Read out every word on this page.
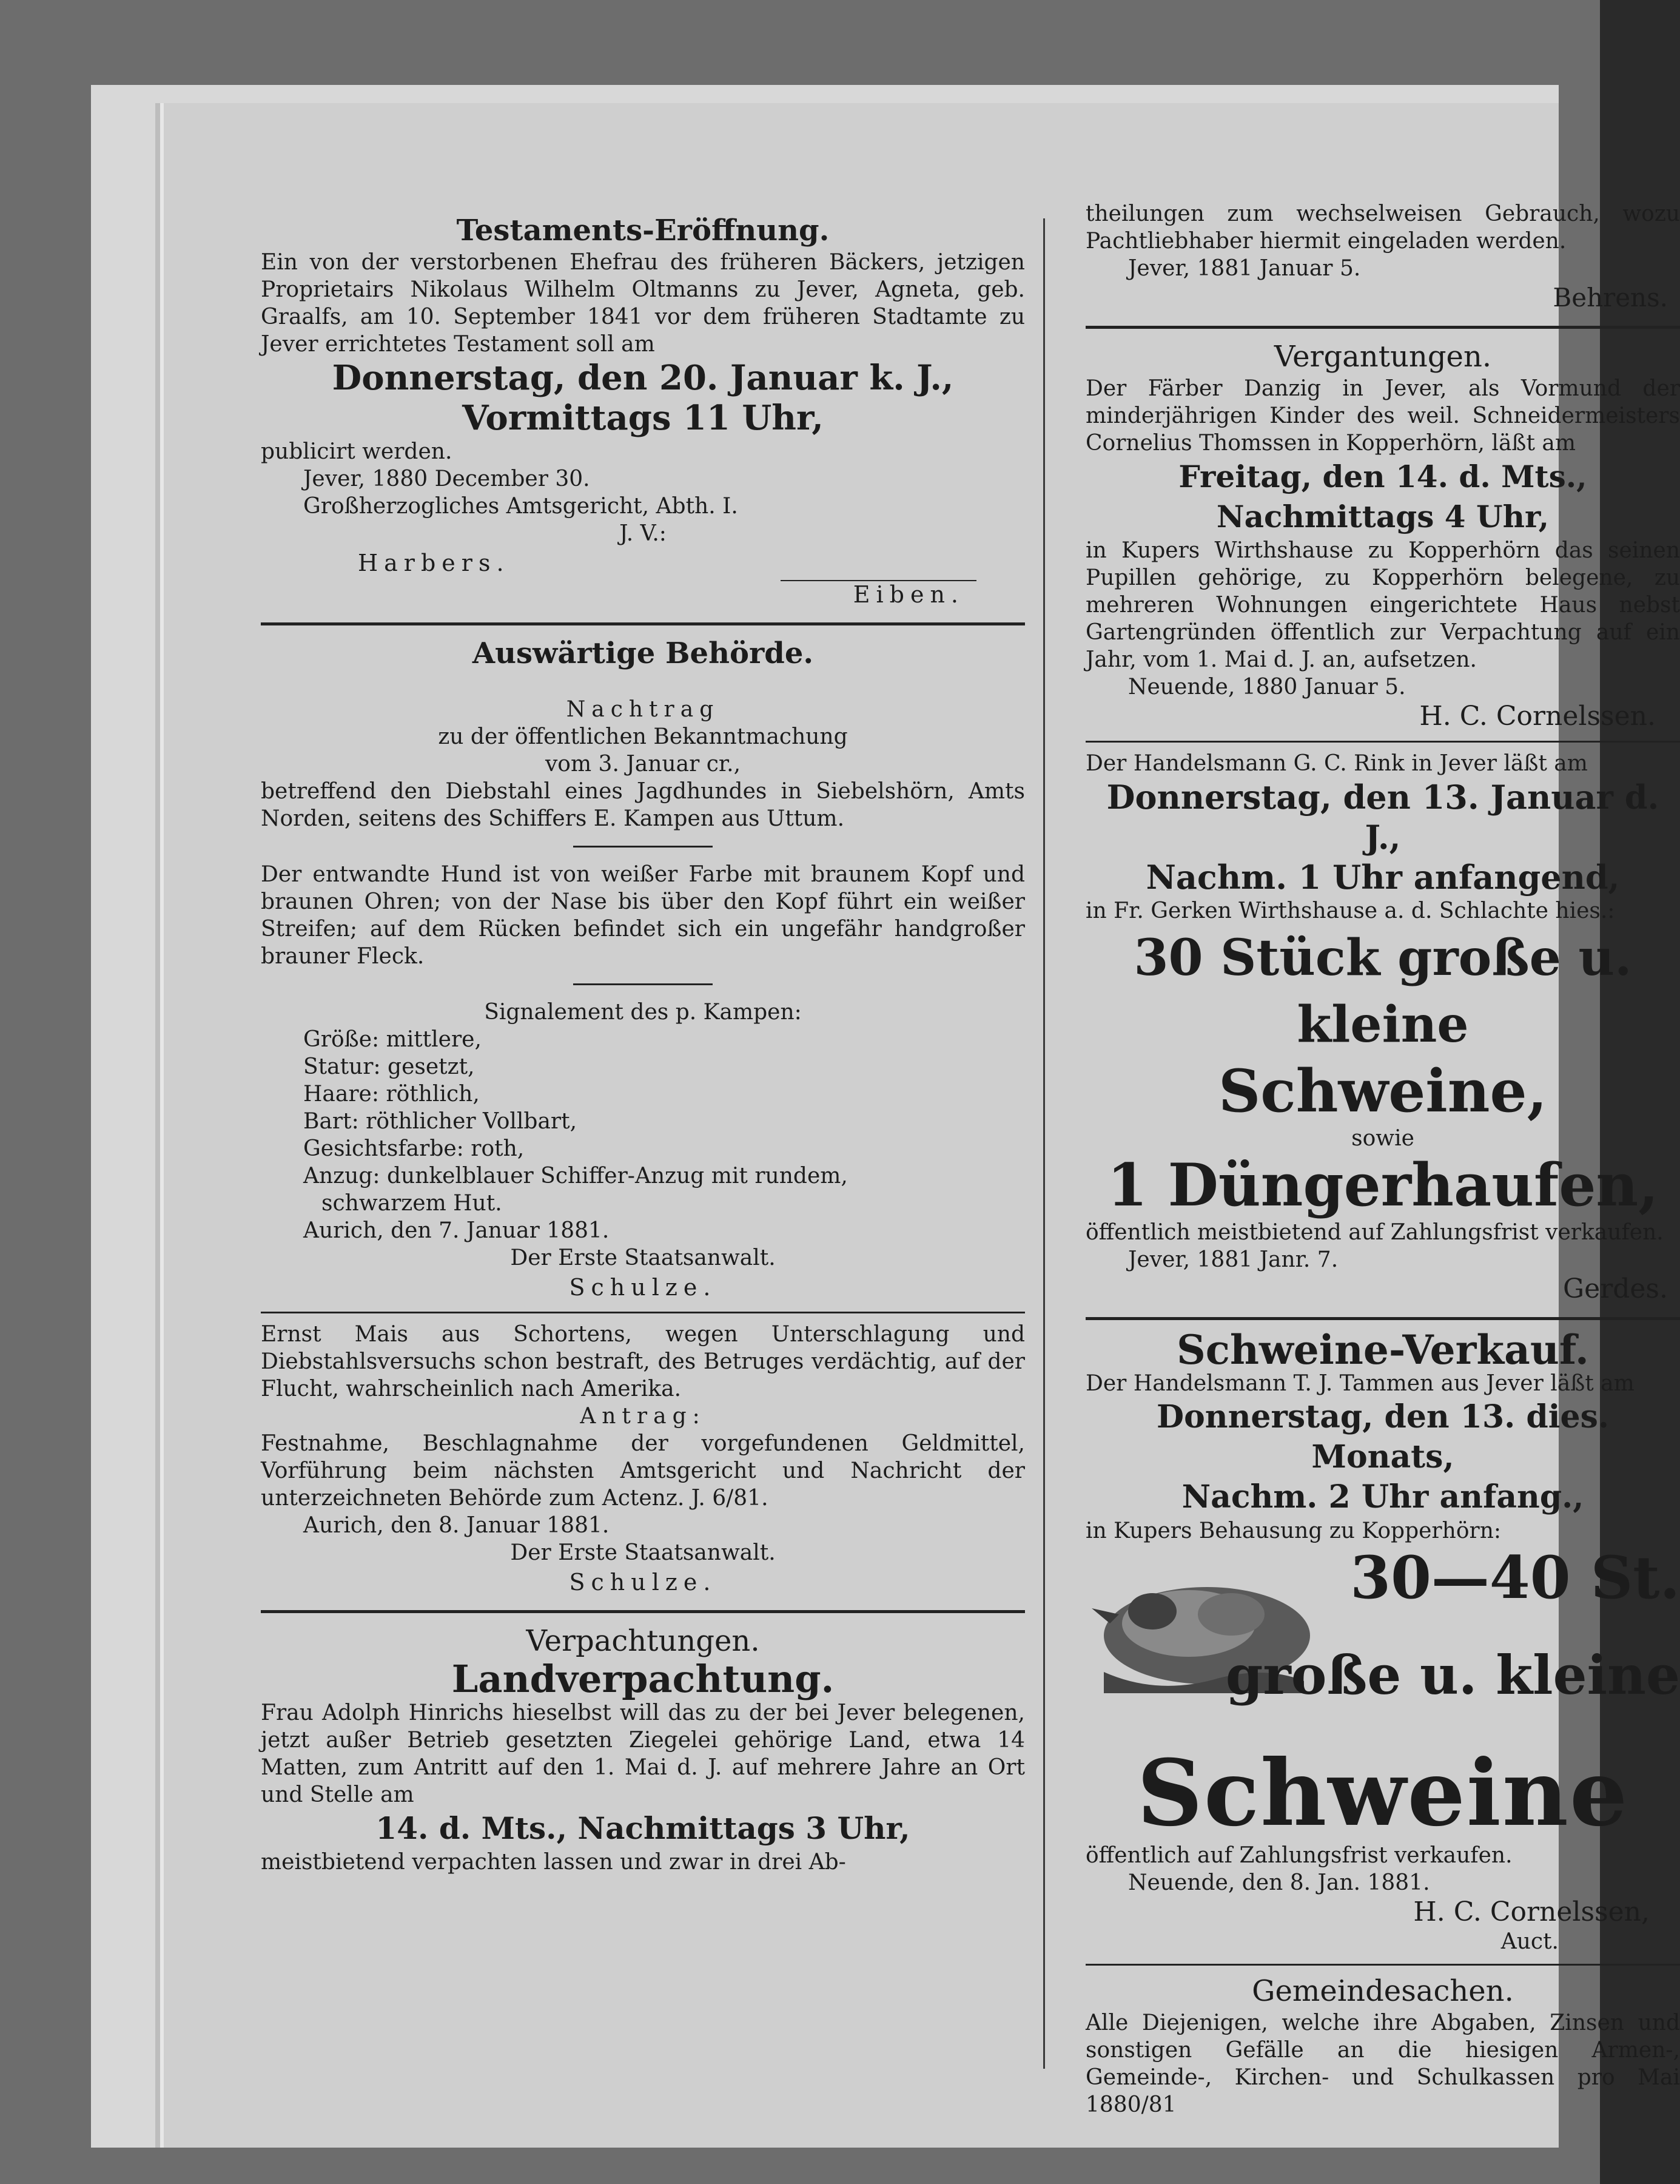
Testaments-Eröffnung.

Ein von der verstorbenen Ehefrau des früheren Bäckers, jetzigen Proprietairs Nikolaus Wilhelm Oltmanns zu Jever, Agneta, geb. Graalfs, am 10. September 1841 vor dem früheren Stadtamte zu Jever errichtetes Testament soll am

Donnerstag, den 20. Januar k. J.,
Vormittags 11 Uhr,

publicirt werden.

Jever, 1880 December 30.

Großherzogliches Amtsgericht, Abth. I.

J. V.:

Harbers.
Eiben.
Auswärtige Behörde.

Nachtrag

zu der öffentlichen Bekanntmachung

vom 3. Januar cr.,

betreffend den Diebstahl eines Jagdhundes in Siebelshörn, Amts Norden, seitens des Schiffers E. Kampen aus Uttum.

Der entwandte Hund ist von weißer Farbe mit braunem Kopf und braunen Ohren; von der Nase bis über den Kopf führt ein weißer Streifen; auf dem Rücken befindet sich ein ungefähr handgroßer brauner Fleck.

Signalement des p. Kampen:

Größe: mittlere,

Statur: gesetzt,

Haare: röthlich,

Bart: röthlicher Vollbart,

Gesichtsfarbe: roth,

Anzug: dunkelblauer Schiffer-Anzug mit rundem,

schwarzem Hut.

Aurich, den 7. Januar 1881.

Der Erste Staatsanwalt.

Schulze.

Ernst Mais aus Schortens, wegen Unterschlagung und Diebstahlsversuchs schon bestraft, des Betruges verdächtig, auf der Flucht, wahrscheinlich nach Amerika.

Antrag:

Festnahme, Beschlagnahme der vorgefundenen Geldmittel, Vorführung beim nächsten Amtsgericht und Nachricht der unterzeichneten Behörde zum Actenz. J. 6/81.

Aurich, den 8. Januar 1881.

Der Erste Staatsanwalt.

Schulze.

Verpachtungen.
Landverpachtung.

Frau Adolph Hinrichs hieselbst will das zu der bei Jever belegenen, jetzt außer Betrieb gesetzten Ziegelei gehörige Land, etwa 14 Matten, zum Antritt auf den 1. Mai d. J. auf mehrere Jahre an Ort und Stelle am

14. d. Mts., Nachmittags 3 Uhr,

meistbietend verpachten lassen und zwar in drei Ab-

theilungen zum wechselweisen Gebrauch, wozu Pachtliebhaber hiermit eingeladen werden.

Jever, 1881 Januar 5.

Behrens.

Vergantungen.

Der Färber Danzig in Jever, als Vormund der minderjährigen Kinder des weil. Schneidermeisters Cornelius Thomssen in Kopperhörn, läßt am

Freitag, den 14. d. Mts.,
Nachmittags 4 Uhr,

in Kupers Wirthshause zu Kopperhörn das seinen Pupillen gehörige, zu Kopperhörn belegene, zu mehreren Wohnungen eingerichtete Haus nebst Gartengründen öffentlich zur Verpachtung auf ein Jahr, vom 1. Mai d. J. an, aufsetzen.

Neuende, 1880 Januar 5.

H. C. Cornelssen.

Der Handelsmann G. C. Rink in Jever läßt am

Donnerstag, den 13. Januar d. J.,
Nachm. 1 Uhr anfangend,

in Fr. Gerken Wirthshause a. d. Schlachte hies.:

30 Stück große u. kleine
Schweine,

sowie

1 Düngerhaufen,

öffentlich meistbietend auf Zahlungsfrist verkaufen.

Jever, 1881 Janr. 7.

Gerdes.

Schweine-Verkauf.

Der Handelsmann T. J. Tammen aus Jever läßt am

Donnerstag, den 13. dies. Monats,
Nachm. 2 Uhr anfang.,

in Kupers Behausung zu Kopperhörn:

30—40 St.
große u. kleine
Schweine

öffentlich auf Zahlungsfrist verkaufen.

Neuende, den 8. Jan. 1881.

H. C. Cornelssen,

Auct.

Gemeindesachen.

Alle Diejenigen, welche ihre Abgaben, Zinsen und sonstigen Gefälle an die hiesigen Armen-, Gemeinde-, Kirchen- und Schulkassen pro Mai 1880/81
